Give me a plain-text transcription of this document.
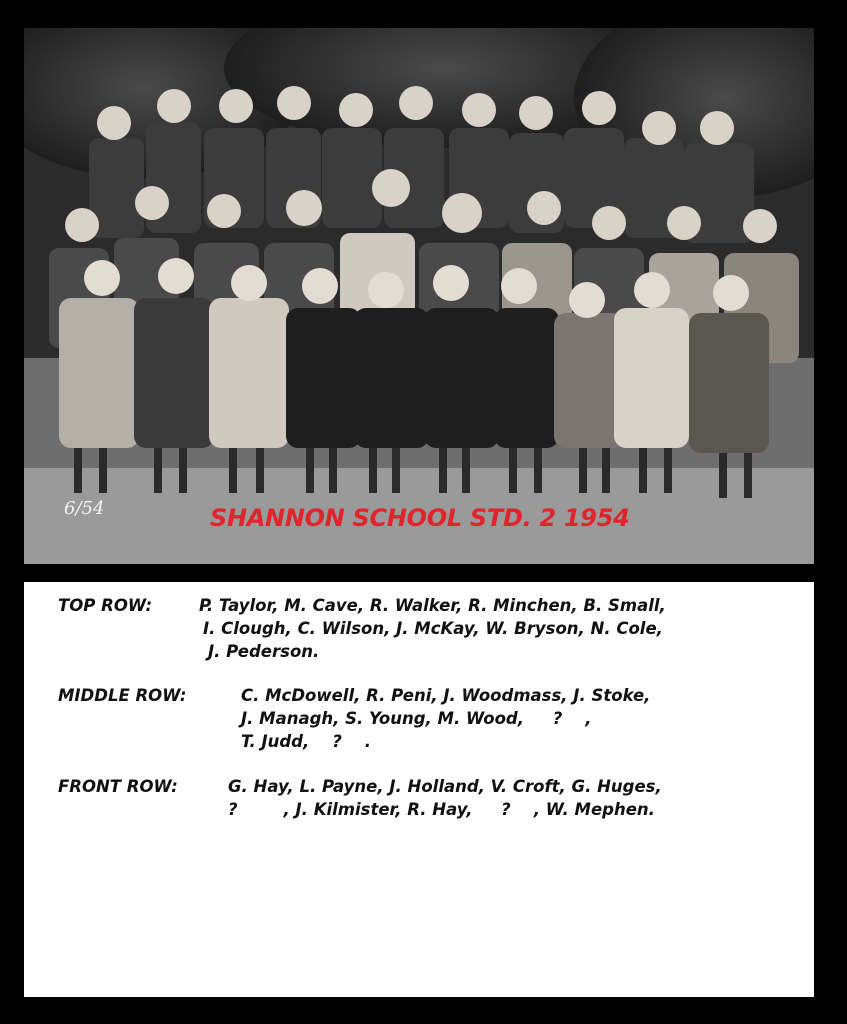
6/54	SHANNON SCHOOL STD. 2 1954
TOP ROW:	P. Taylor, M. Cave, R. Walker, R. Minchen, B. Small,
I. Clough, C. Wilson, J. McKay, W. Bryson, N. Cole,
J. Pederson.
MIDDLE ROW:	C. McDowell, R. Peni, J. Woodmass, J. Stoke,
J. Managh, S. Young, M. Wood,     ?    ,
T. Judd,    ?    .
FRONT ROW:	G. Hay, L. Payne, J. Holland, V. Croft, G. Huges,
?        , J. Kilmister, R. Hay,     ?    , W. Mephen.
